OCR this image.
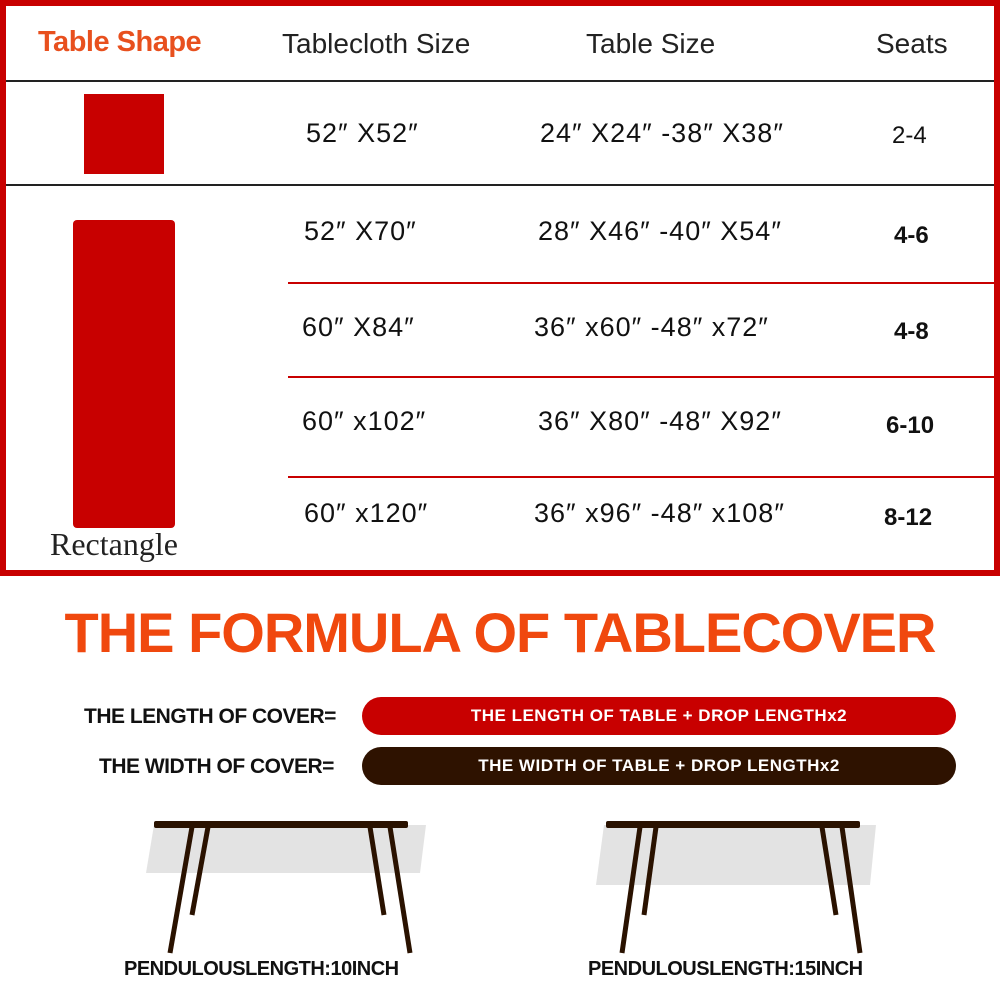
Table Shape	Tablecloth Size	Table Size	Seats
52″ X52″	24″ X24″ -38″ X38″	2-4
Rectangle
52″ X70″	28″ X46″ -40″ X54″	4-6
60″ X84″	36″ x60″ -48″ x72″	4-8
60″ x102″	36″ X80″ -48″ X92″	6-10
60″ x120″	36″ x96″ -48″ x108″	8-12
THE FORMULA OF TABLECOVER
THE LENGTH OF COVER=	THE LENGTH OF TABLE + DROP LENGTHx2
THE WIDTH OF COVER=	THE WIDTH OF TABLE + DROP LENGTHx2
PENDULOUSLENGTH:10INCH	PENDULOUSLENGTH:15INCH
